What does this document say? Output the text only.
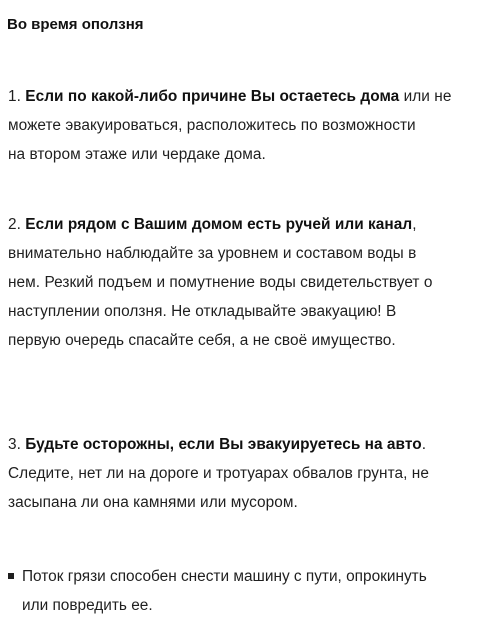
Во время оползня
1. Если по какой-либо причине Вы остаетесь дома или не
можете эвакуироваться, расположитесь по возможности
на втором этаже или чердаке дома.
2. Если рядом с Вашим домом есть ручей или канал,
внимательно наблюдайте за уровнем и составом воды в
нем. Резкий подъем и помутнение воды свидетельствует о
наступлении оползня. Не откладывайте эвакуацию! В
первую очередь спасайте себя, а не своё имущество.
3. Будьте осторожны, если Вы эвакуируетесь на авто.
Следите, нет ли на дороге и тротуарах обвалов грунта, не
засыпана ли она камнями или мусором.
Поток грязи способен снести машину с пути, опрокинуть
или повредить ее.
